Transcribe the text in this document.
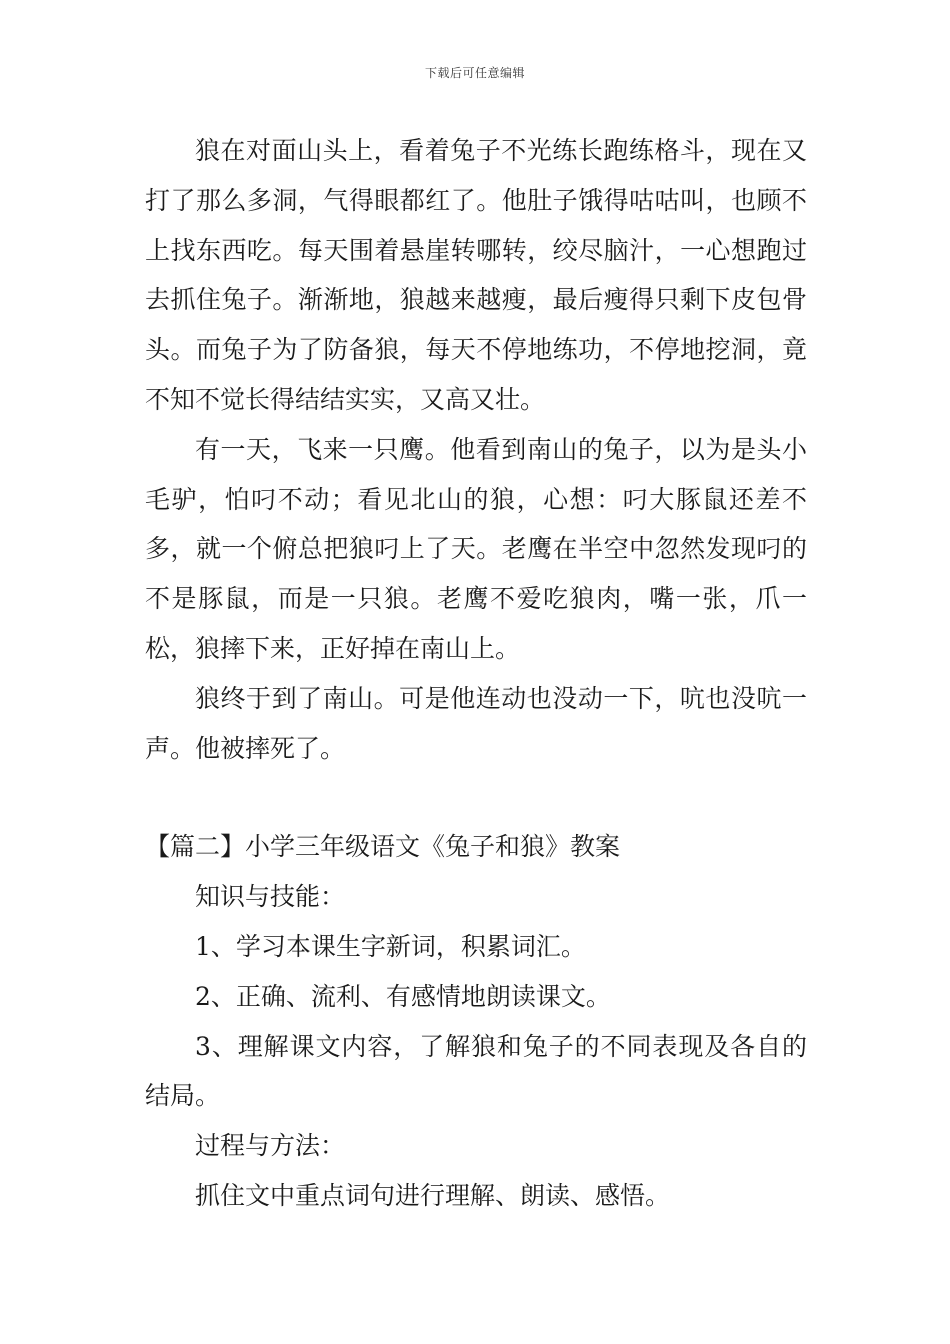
下载后可任意编辑

狼在对面山头上，看着兔子不光练长跑练格斗，现在又打了那么多洞，气得眼都红了。他肚子饿得咕咕叫，也顾不上找东西吃。每天围着悬崖转哪转，绞尽脑汁，一心想跑过去抓住兔子。渐渐地，狼越来越瘦，最后瘦得只剩下皮包骨头。而兔子为了防备狼，每天不停地练功，不停地挖洞，竟不知不觉长得结结实实，又高又壮。

有一天，飞来一只鹰。他看到南山的兔子，以为是头小毛驴，怕叼不动；看见北山的狼，心想：叼大豚鼠还差不多，就一个俯总把狼叼上了天。老鹰在半空中忽然发现叼的不是豚鼠，而是一只狼。老鹰不爱吃狼肉，嘴一张，爪一松，狼摔下来，正好掉在南山上。

狼终于到了南山。可是他连动也没动一下，吭也没吭一声。他被摔死了。

【篇二】小学三年级语文《兔子和狼》教案

知识与技能：

1、学习本课生字新词，积累词汇。

2、正确、流利、有感情地朗读课文。

3、理解课文内容，了解狼和兔子的不同表现及各自的结局。

过程与方法：

抓住文中重点词句进行理解、朗读、感悟。
